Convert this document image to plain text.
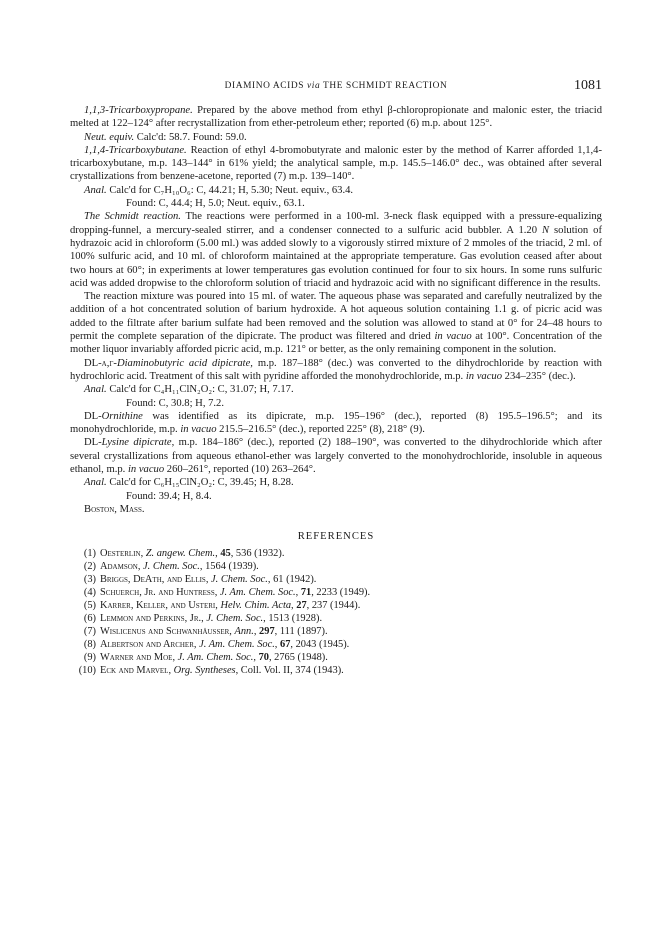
DIAMINO ACIDS via THE SCHMIDT REACTION	1081

1,1,3-Tricarboxypropane. Prepared by the above method from ethyl β-chloropropionate and malonic ester, the triacid melted at 122–124° after recrystallization from ether-petroleum ether; reported (6) m.p. about 125°.

Neut. equiv. Calc'd: 58.7. Found: 59.0.

1,1,4-Tricarboxybutane. Reaction of ethyl 4-bromobutyrate and malonic ester by the method of Karrer afforded 1,1,4-tricarboxybutane, m.p. 143–144° in 61% yield; the analytical sample, m.p. 145.5–146.0° dec., was obtained after several crystallizations from benzene-acetone, reported (7) m.p. 139–140°.

Anal. Calc'd for C₇H₁₀O₆: C, 44.21; H, 5.30; Neut. equiv., 63.4.

Found: C, 44.4; H, 5.0; Neut. equiv., 63.1.

The Schmidt reaction. The reactions were performed in a 100-ml. 3-neck flask equipped with a pressure-equalizing dropping-funnel, a mercury-sealed stirrer, and a condenser connected to a sulfuric acid bubbler. A 1.20 N solution of hydrazoic acid in chloroform (5.00 ml.) was added slowly to a vigorously stirred mixture of 2 mmoles of the triacid, 2 ml. of 100% sulfuric acid, and 10 ml. of chloroform maintained at the appropriate temperature. Gas evolution ceased after about two hours at 60°; in experiments at lower temperatures gas evolution continued for four to six hours. In some runs sulfuric acid was added dropwise to the chloroform solution of triacid and hydrazoic acid with no significant difference in the results.

The reaction mixture was poured into 15 ml. of water. The aqueous phase was separated and carefully neutralized by the addition of a hot concentrated solution of barium hydroxide. A hot aqueous solution containing 1.1 g. of picric acid was added to the filtrate after barium sulfate had been removed and the solution was allowed to stand at 0° for 24–48 hours to permit the complete separation of the dipicrate. The product was filtered and dried in vacuo at 100°. Concentration of the mother liquor invariably afforded picric acid, m.p. 121° or better, as the only remaining component in the solution.

DL-α,γ-Diaminobutyric acid dipicrate, m.p. 187–188° (dec.) was converted to the dihydrochloride by reaction with hydrochloric acid. Treatment of this salt with pyridine afforded the monohydrochloride, m.p. in vacuo 234–235° (dec.).

Anal. Calc'd for C₄H₁₁ClN₂O₂: C, 31.07; H, 7.17.

Found: C, 30.8; H, 7.2.

DL-Ornithine was identified as its dipicrate, m.p. 195–196° (dec.), reported (8) 195.5–196.5°; and its monohydrochloride, m.p. in vacuo 215.5–216.5° (dec.), reported 225° (8), 218° (9).

DL-Lysine dipicrate, m.p. 184–186° (dec.), reported (2) 188–190°, was converted to the dihydrochloride which after several crystallizations from aqueous ethanol-ether was largely converted to the monohydrochloride, insoluble in aqueous ethanol, m.p. in vacuo 260–261°, reported (10) 263–264°.

Anal. Calc'd for C₆H₁₅ClN₂O₂: C, 39.45; H, 8.28.

Found: 39.4; H, 8.4.

Boston, Mass.

REFERENCES

(1) Oesterlin, Z. angew. Chem., 45, 536 (1932).
(2) Adamson, J. Chem. Soc., 1564 (1939).
(3) Briggs, DeAth, and Ellis, J. Chem. Soc., 61 (1942).
(4) Schuerch, Jr. and Huntress, J. Am. Chem. Soc., 71, 2233 (1949).
(5) Karrer, Keller, and Usteri, Helv. Chim. Acta, 27, 237 (1944).
(6) Lemmon and Perkins, Jr., J. Chem. Soc., 1513 (1928).
(7) Wislicenus and Schwanhäusser, Ann., 297, 111 (1897).
(8) Albertson and Archer, J. Am. Chem. Soc., 67, 2043 (1945).
(9) Warner and Moe, J. Am. Chem. Soc., 70, 2765 (1948).
(10) Eck and Marvel, Org. Syntheses, Coll. Vol. II, 374 (1943).
